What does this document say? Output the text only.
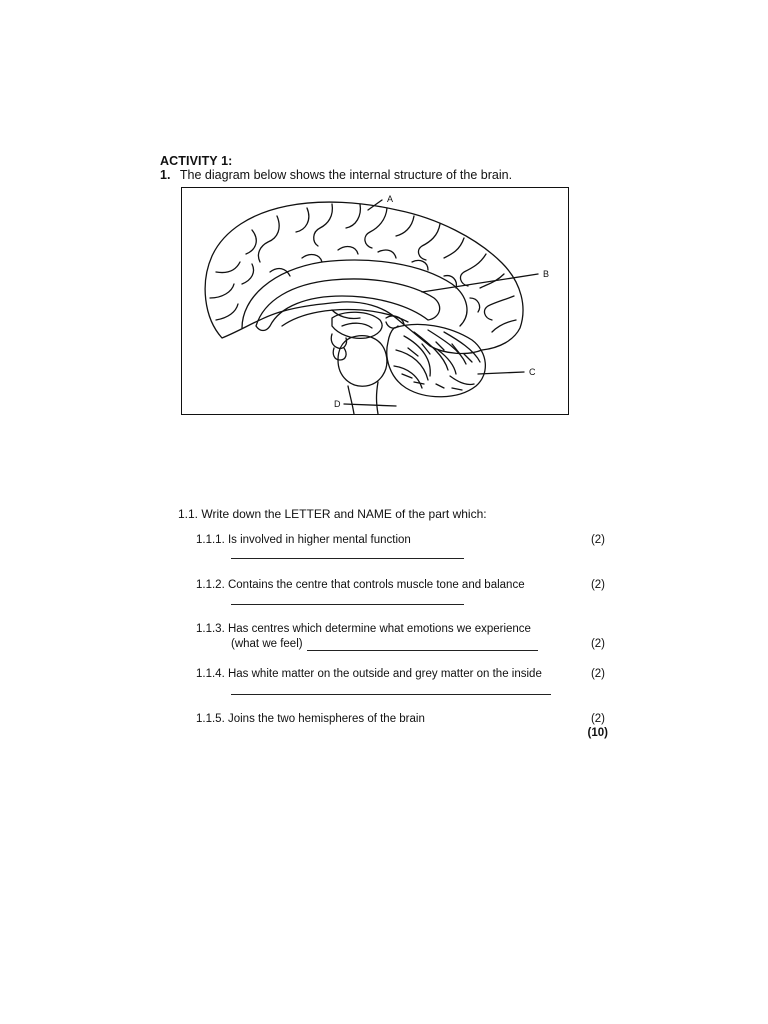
ACTIVITY 1:
1. The diagram below shows the internal structure of the brain.
A
B
C
D
1.1. Write down the LETTER and NAME of the part which:
1.1.1. Is involved in higher mental function	(2)
1.1.2. Contains the centre that controls muscle tone and balance	(2)
1.1.3. Has centres which determine what emotions we experience
(what we feel)	(2)
1.1.4. Has white matter on the outside and grey matter on the inside	(2)
1.1.5. Joins the two hemispheres of the brain	(2)
(10)
